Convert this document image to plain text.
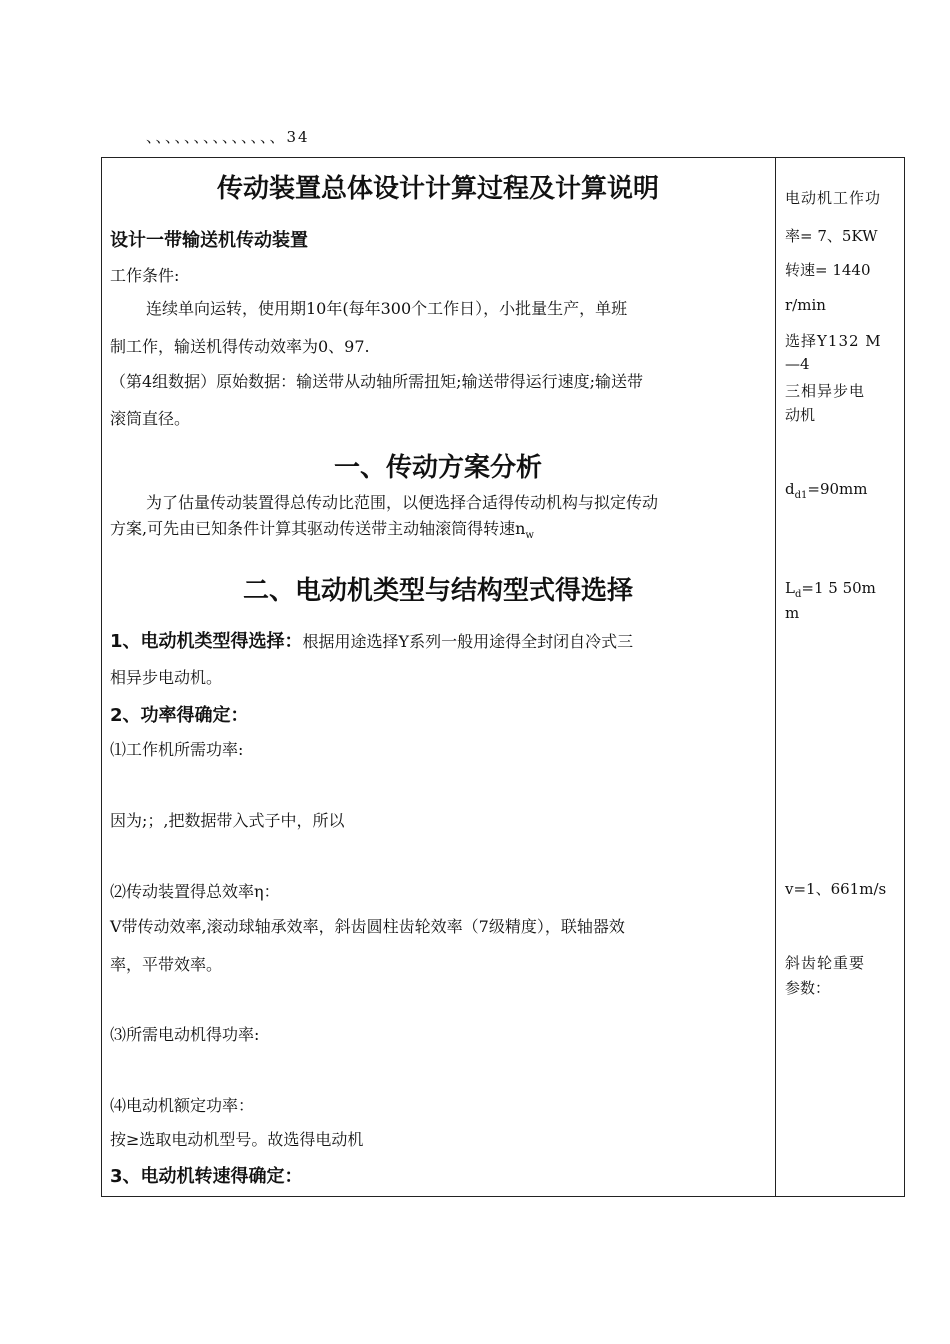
、、、、、、、、、、、、、、34
传动装置总体设计计算过程及计算说明
设计一带输送机传动装置
工作条件:
连续单向运转，使用期10年(每年300个工作日），小批量生产，单班
制工作，输送机得传动效率为0、97.
（第4组数据）原始数据：输送带从动轴所需扭矩;输送带得运行速度;输送带
滚筒直径。
一、传动方案分析
为了估量传动装置得总传动比范围，以便选择合适得传动机构与拟定传动
方案,可先由已知条件计算其驱动传送带主动轴滚筒得转速$n_w$
二、电动机类型与结构型式得选择
1、电动机类型得选择：根据用途选择Y系列一般用途得全封闭自冷式三
相异步电动机。
2、功率得确定：
⑴工作机所需功率:
因为;；,把数据带入式子中，所以
⑵传动装置得总效率η：
V带传动效率,滚动球轴承效率，斜齿圆柱齿轮效率（7级精度），联轴器效
率，平带效率。
⑶所需电动机得功率:
⑷电动机额定功率：
按≥选取电动机型号。故选得电动机
3、电动机转速得确定：
电动机工作功
率= 7、5KW
转速= 1440
r/min
选择Y132 M
—4
三相异步电
动机
$d_{d1}=90mm$
$L_d=1$ 5 50m
m
v=1、661m/s
斜齿轮重要
参数：
